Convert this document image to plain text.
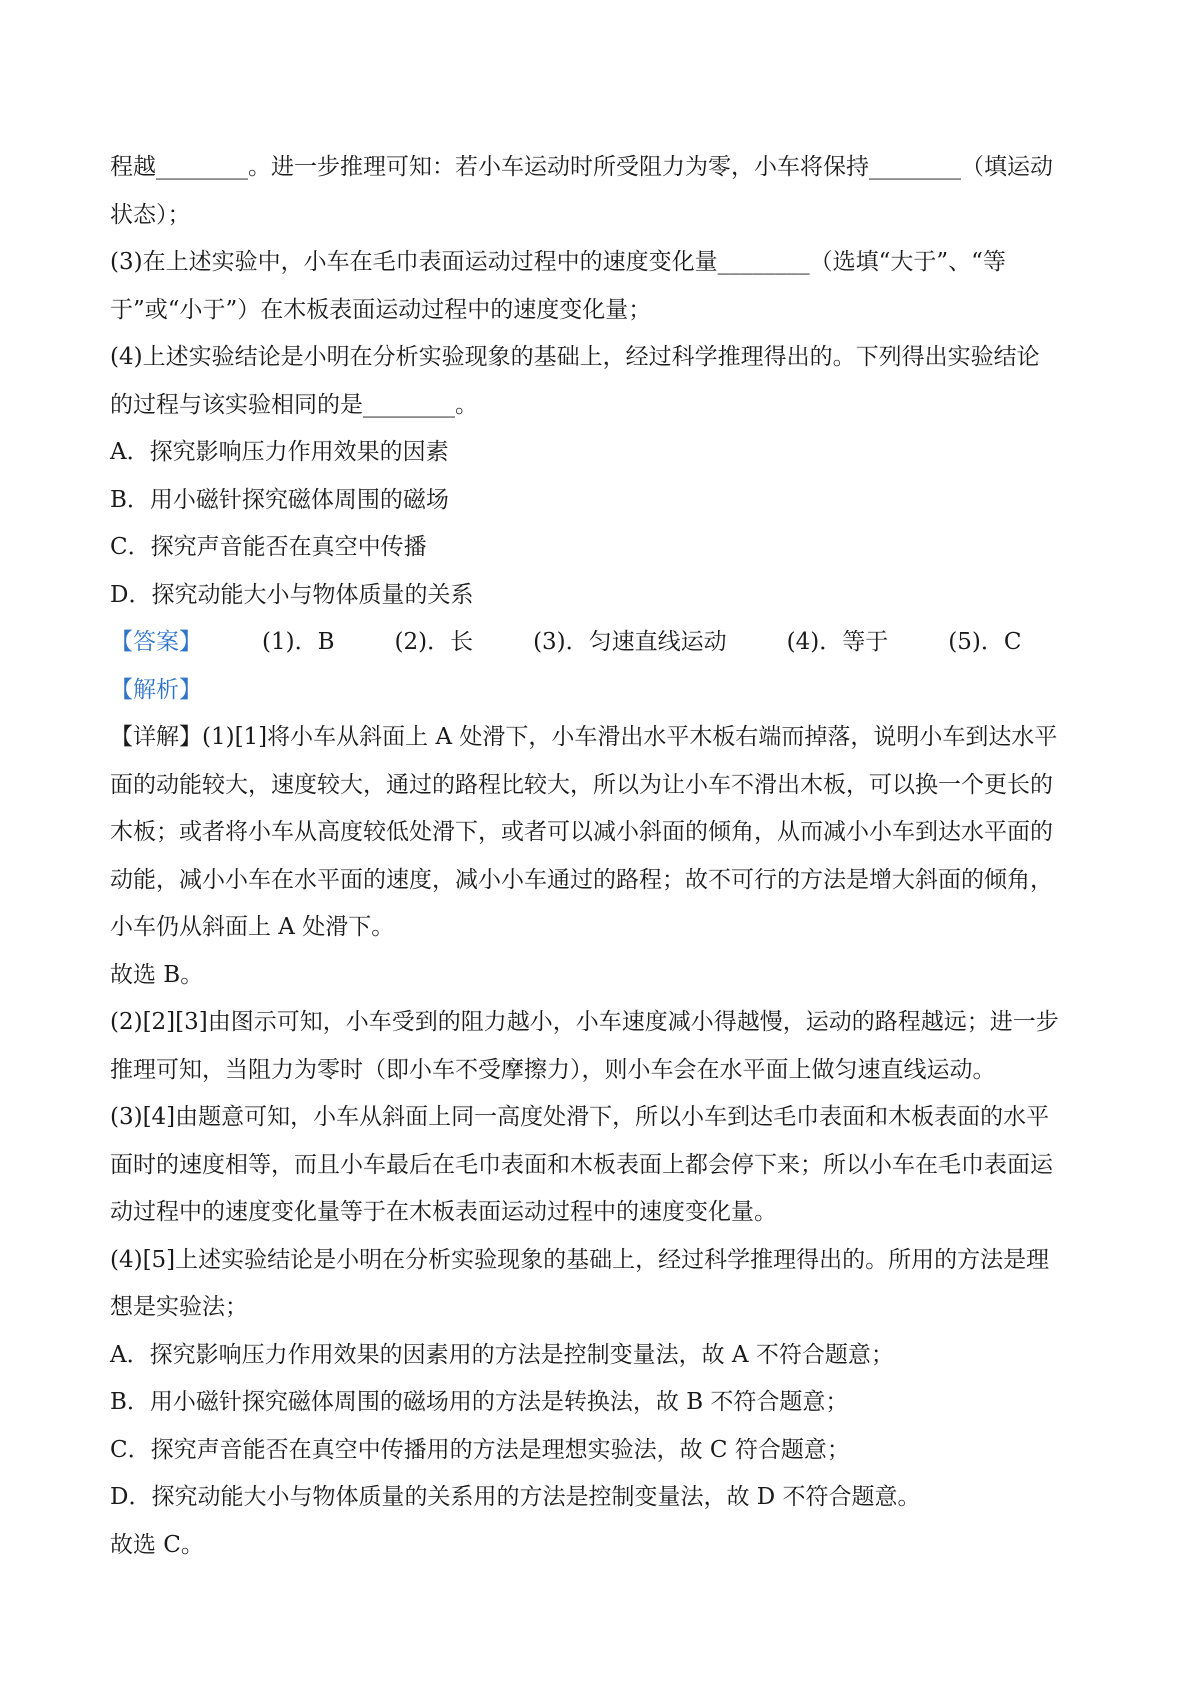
程越________。进一步推理可知：若小车运动时所受阻力为零，小车将保持________（填运动
状态）；
(3)在上述实验中，小车在毛巾表面运动过程中的速度变化量________（选填“大于”、“等
于”或“小于”）在木板表面运动过程中的速度变化量；
(4)上述实验结论是小明在分析实验现象的基础上，经过科学推理得出的。下列得出实验结论
的过程与该实验相同的是________。
A．探究影响压力作用效果的因素
B．用小磁针探究磁体周围的磁场
C．探究声音能否在真空中传播
D．探究动能大小与物体质量的关系
【答案】	(1)．B	(2)．长	(3)．匀速直线运动	(4)．等于	(5)．C
【解析】
【详解】(1)[1]将小车从斜面上 A 处滑下，小车滑出水平木板右端而掉落，说明小车到达水平
面的动能较大，速度较大，通过的路程比较大，所以为让小车不滑出木板，可以换一个更长的
木板；或者将小车从高度较低处滑下，或者可以减小斜面的倾角，从而减小小车到达水平面的
动能，减小小车在水平面的速度，减小小车通过的路程；故不可行的方法是增大斜面的倾角，
小车仍从斜面上 A 处滑下。
故选 B。
(2)[2][3]由图示可知，小车受到的阻力越小，小车速度减小得越慢，运动的路程越远；进一步
推理可知，当阻力为零时（即小车不受摩擦力），则小车会在水平面上做匀速直线运动。
(3)[4]由题意可知，小车从斜面上同一高度处滑下，所以小车到达毛巾表面和木板表面的水平
面时的速度相等，而且小车最后在毛巾表面和木板表面上都会停下来；所以小车在毛巾表面运
动过程中的速度变化量等于在木板表面运动过程中的速度变化量。
(4)[5]上述实验结论是小明在分析实验现象的基础上，经过科学推理得出的。所用的方法是理
想是实验法；
A．探究影响压力作用效果的因素用的方法是控制变量法，故 A 不符合题意；
B．用小磁针探究磁体周围的磁场用的方法是转换法，故 B 不符合题意；
C．探究声音能否在真空中传播用的方法是理想实验法，故 C 符合题意；
D．探究动能大小与物体质量的关系用的方法是控制变量法，故 D 不符合题意。
故选 C。
